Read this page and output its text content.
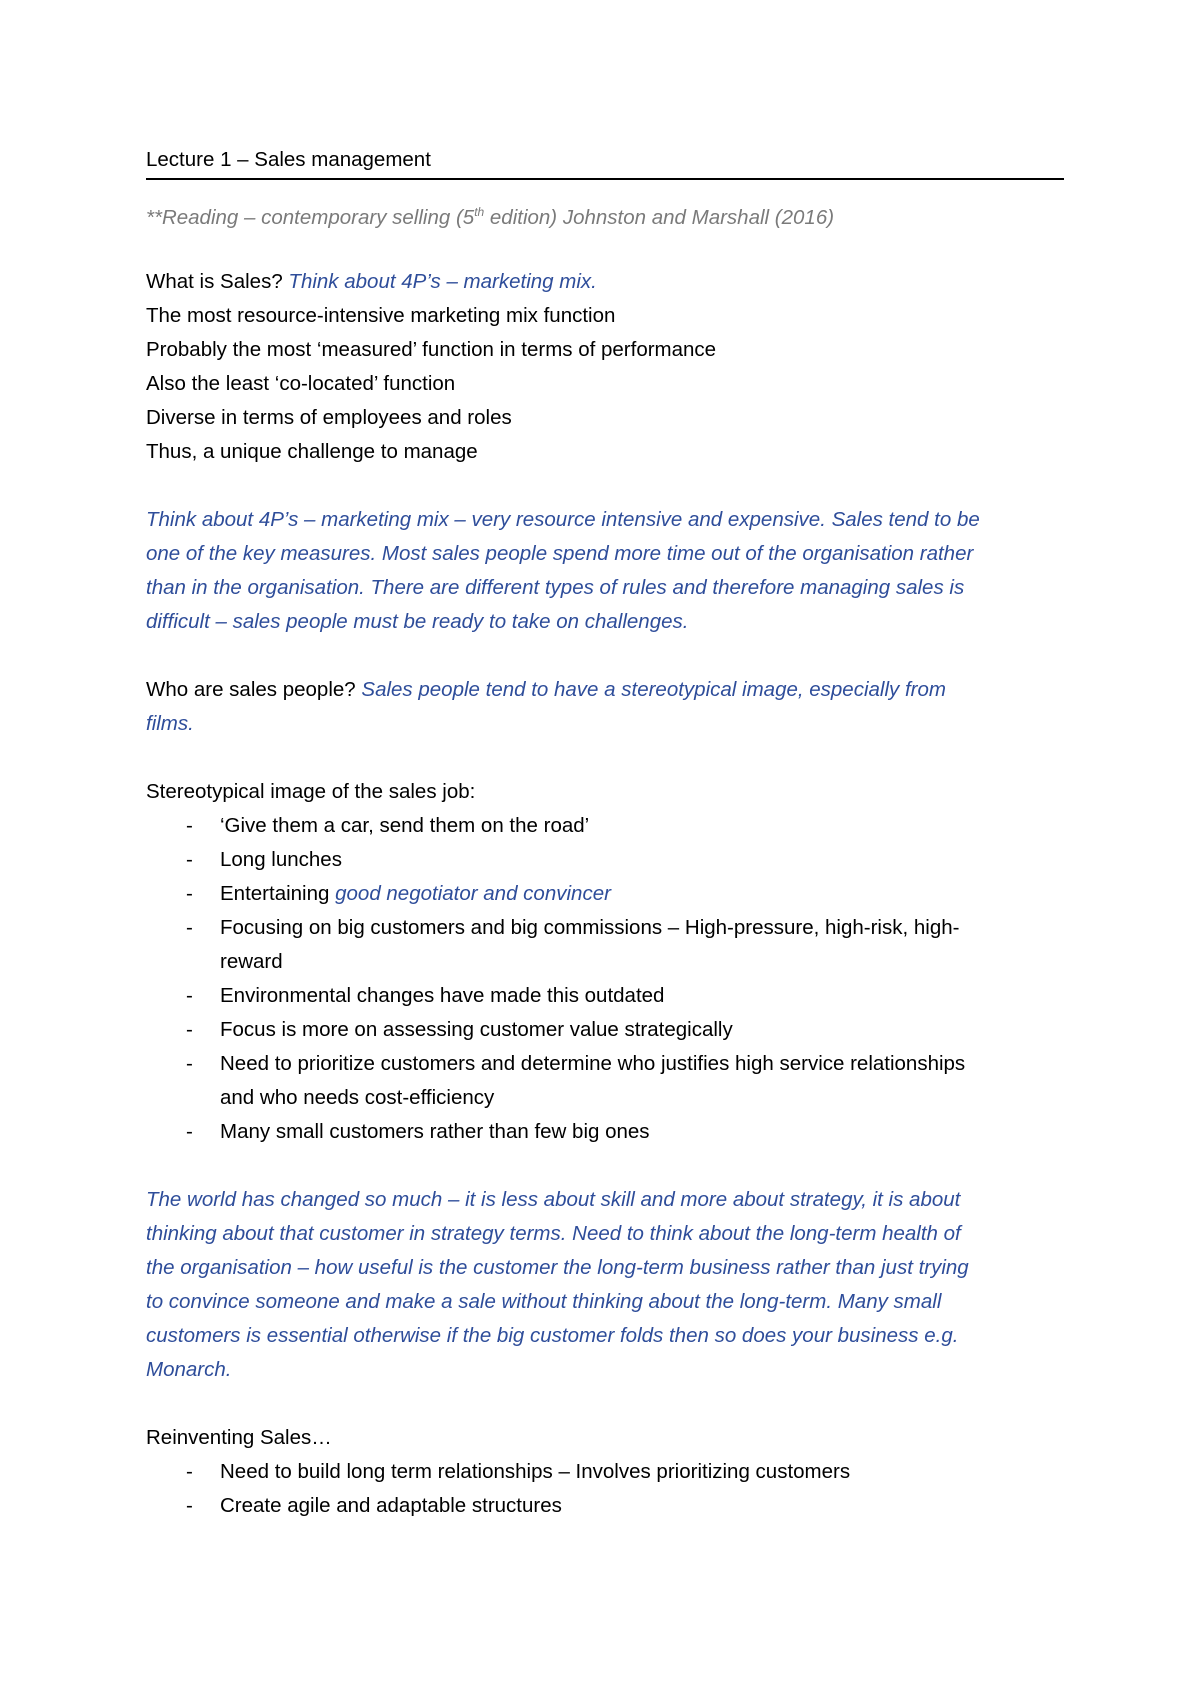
Lecture 1 – Sales management

**Reading – contemporary selling (5th edition) Johnston and Marshall (2016)

What is Sales? Think about 4P’s – marketing mix.

The most resource-intensive marketing mix function

Probably the most ‘measured’ function in terms of performance

Also the least ‘co-located’ function

Diverse in terms of employees and roles

Thus, a unique challenge to manage

Think about 4P’s – marketing mix – very resource intensive and expensive. Sales tend to be

one of the key measures. Most sales people spend more time out of the organisation rather

than in the organisation. There are different types of rules and therefore managing sales is

difficult – sales people must be ready to take on challenges.

Who are sales people? Sales people tend to have a stereotypical image, especially from

films.

Stereotypical image of the sales job:

- ‘Give them a car, send them on the road’
- Long lunches
- Entertaining good negotiator and convincer
- Focusing on big customers and big commissions – High-pressure, high-risk, high-
reward
- Environmental changes have made this outdated
- Focus is more on assessing customer value strategically
- Need to prioritize customers and determine who justifies high service relationships
and who needs cost-efficiency
- Many small customers rather than few big ones

The world has changed so much – it is less about skill and more about strategy, it is about

thinking about that customer in strategy terms. Need to think about the long-term health of

the organisation – how useful is the customer the long-term business rather than just trying

to convince someone and make a sale without thinking about the long-term. Many small

customers is essential otherwise if the big customer folds then so does your business e.g.

Monarch.

Reinventing Sales…

- Need to build long term relationships – Involves prioritizing customers
- Create agile and adaptable structures
